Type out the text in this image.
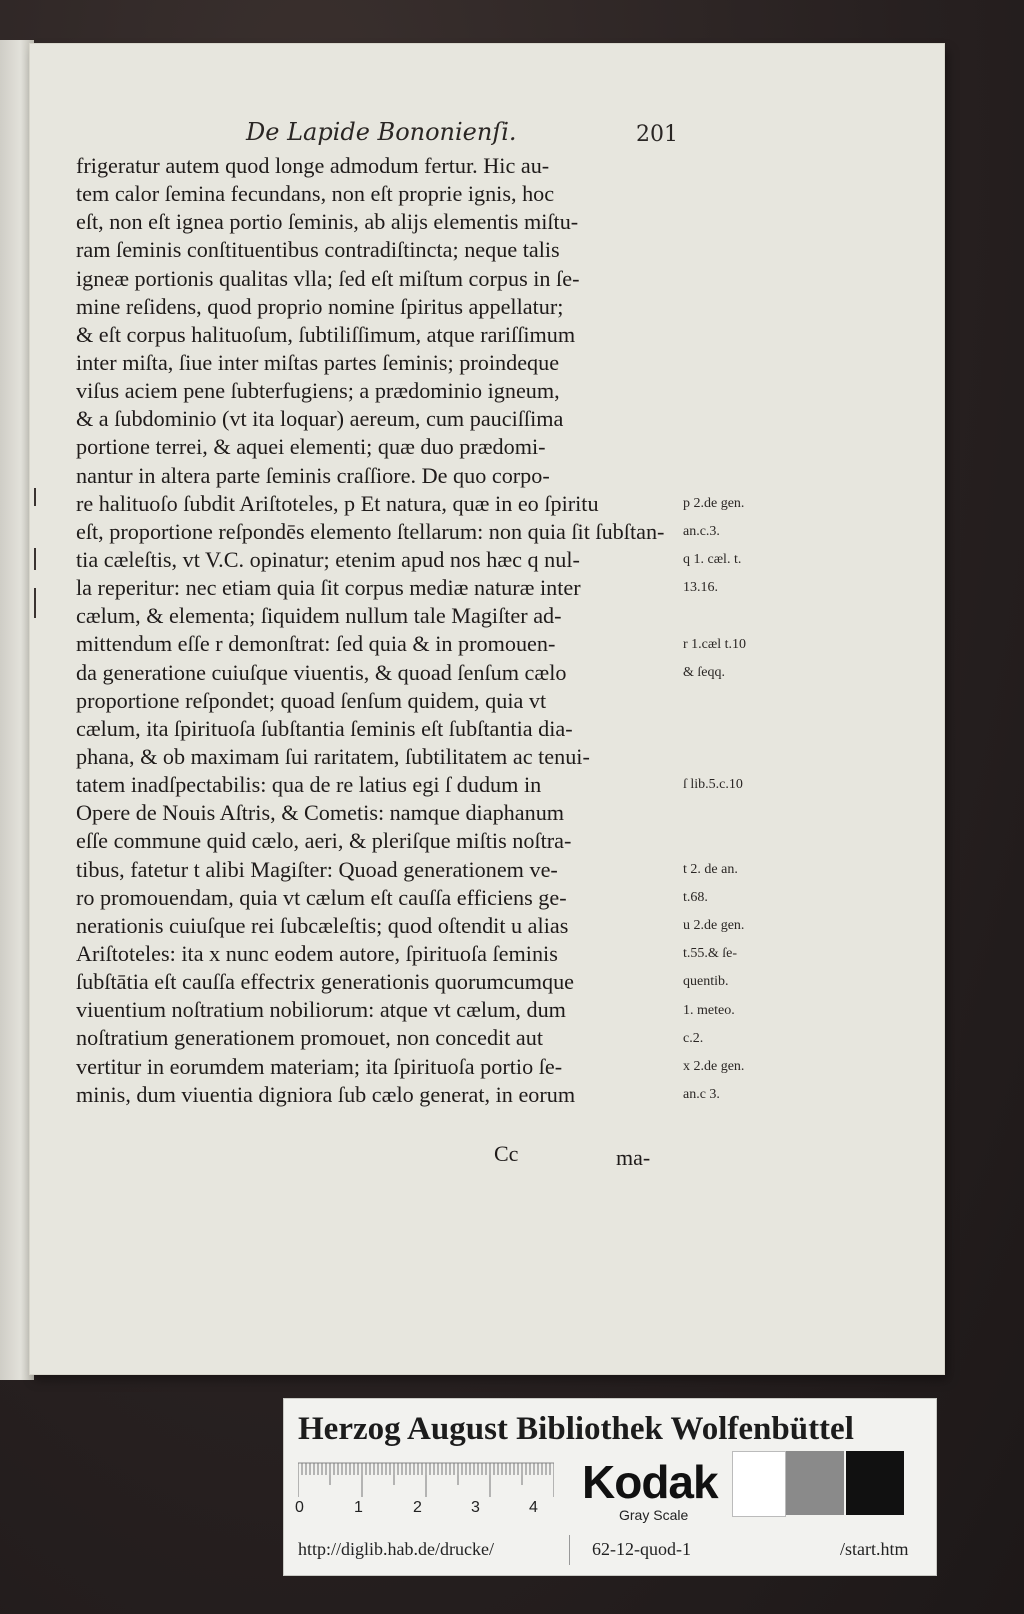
De Lapide Bononienſi.	201
frigeratur autem quod longe admodum fertur. Hic au-
tem calor ſemina fecundans, non eſt proprie ignis, hoc
eſt, non eſt ignea portio ſeminis, ab alijs elementis miſtu-
ram ſeminis conſtituentibus contradiſtincta; neque talis
igneæ portionis qualitas vlla; ſed eſt miſtum corpus in ſe-
mine reſidens, quod proprio nomine ſpiritus appellatur;
& eſt corpus halituoſum, ſubtiliſſimum, atque rariſſimum
inter miſta, ſiue inter miſtas partes ſeminis; proindeque
viſus aciem pene ſubterfugiens; a prædominio igneum,
& a ſubdominio (vt ita loquar) aereum, cum pauciſſima
portione terrei, & aquei elementi; quæ duo prædomi-
nantur in altera parte ſeminis craſſiore. De quo corpo-
re halituoſo ſubdit Ariſtoteles, p Et natura, quæ in eo ſpiritu
eſt, proportione reſpondēs elemento ſtellarum: non quia ſit ſubſtan-
tia cæleſtis, vt V.C. opinatur; etenim apud nos hæc q nul-
la reperitur: nec etiam quia ſit corpus mediæ naturæ inter
cælum, & elementa; ſiquidem nullum tale Magiſter ad-
mittendum eſſe r demonſtrat: ſed quia & in promouen-
da generatione cuiuſque viuentis, & quoad ſenſum cælo
proportione reſpondet; quoad ſenſum quidem, quia vt
cælum, ita ſpirituoſa ſubſtantia ſeminis eſt ſubſtantia dia-
phana, & ob maximam ſui raritatem, ſubtilitatem ac tenui-
tatem inadſpectabilis: qua de re latius egi ſ dudum in
Opere de Nouis Aſtris, & Cometis: namque diaphanum
eſſe commune quid cælo, aeri, & pleriſque miſtis noſtra-
tibus, fatetur t alibi Magiſter: Quoad generationem ve-
ro promouendam, quia vt cælum eſt cauſſa efficiens ge-
nerationis cuiuſque rei ſubcæleſtis; quod oſtendit u alias
Ariſtoteles: ita x nunc eodem autore, ſpirituoſa ſeminis
ſubſtātia eſt cauſſa effectrix generationis quorumcumque
viuentium noſtratium nobiliorum: atque vt cælum, dum
noſtratium generationem promouet, non concedit aut
vertitur in eorumdem materiam; ita ſpirituoſa portio ſe-
minis, dum viuentia digniora ſub cælo generat, in eorum
p 2.de gen.
an.c.3.
q 1. cæl. t.
13.16.
r 1.cæl t.10
& ſeqq.
ſ lib.5.c.10
t 2. de an.
t.68.
u 2.de gen.
t.55.& ſe-
quentib.
1. meteo.
c.2.
x 2.de gen.
an.c 3.
Cc	ma-
Herzog August Bibliothek Wolfenbüttel
0	1	2	3	4 Kodak
Gray Scale
http://diglib.hab.de/drucke/	62-12-quod-1	/start.htm
